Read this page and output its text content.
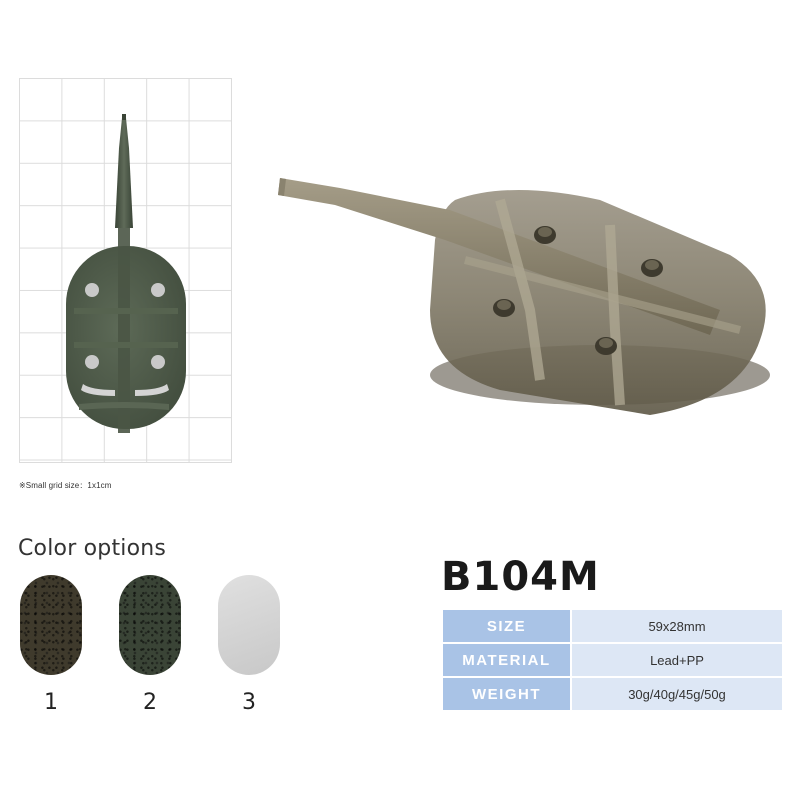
※Small grid size：1x1cm
Color options
1	2	3
B104M
SIZE	59x28mm
MATERIAL	Lead+PP
WEIGHT	30g/40g/45g/50g
